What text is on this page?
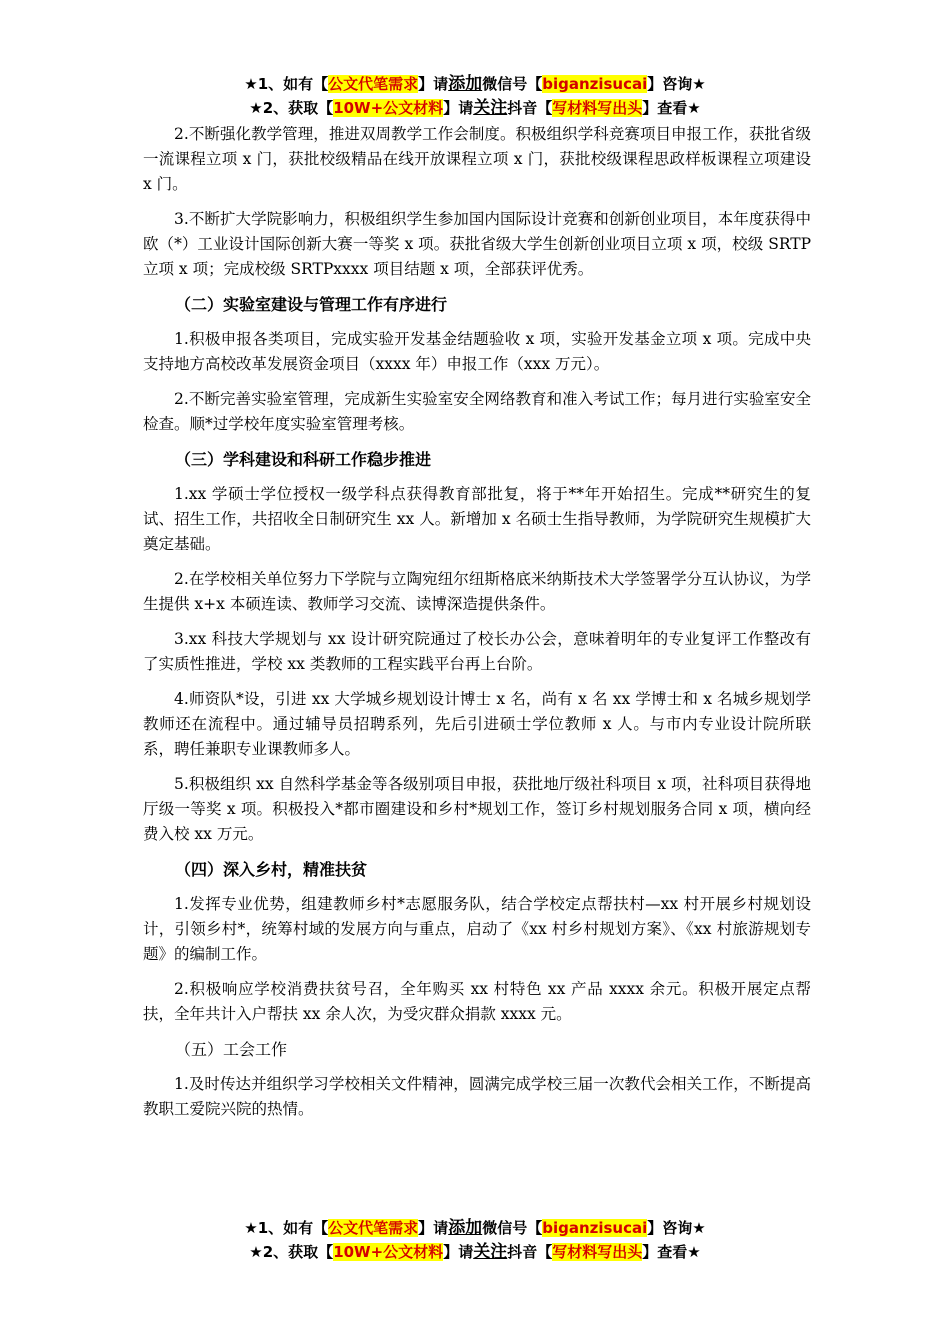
★1、如有【公文代笔需求】请添加微信号【biganzisucai】咨询★
★2、获取【10W+公文材料】请关注抖音【写材料写出头】查看★

2.不断强化教学管理，推进双周教学工作会制度。积极组织学科竞赛项目申报工作，获批省级一流课程立项 x 门，获批校级精品在线开放课程立项 x 门，获批校级课程思政样板课程立项建设 x 门。

3.不断扩大学院影响力，积极组织学生参加国内国际设计竞赛和创新创业项目，本年度获得中欧（*）工业设计国际创新大赛一等奖 x 项。获批省级大学生创新创业项目立项 x 项，校级 SRTP 立项 x 项；完成校级 SRTPxxxx 项目结题 x 项，全部获评优秀。

（二）实验室建设与管理工作有序进行

1.积极申报各类项目，完成实验开发基金结题验收 x 项，实验开发基金立项 x 项。完成中央支持地方高校改革发展资金项目（xxxx 年）申报工作（xxx 万元）。

2.不断完善实验室管理，完成新生实验室安全网络教育和准入考试工作；每月进行实验室安全检查。顺*过学校年度实验室管理考核。

（三）学科建设和科研工作稳步推进

1.xx 学硕士学位授权一级学科点获得教育部批复，将于**年开始招生。完成**研究生的复试、招生工作，共招收全日制研究生 xx 人。新增加 x 名硕士生指导教师，为学院研究生规模扩大奠定基础。

2.在学校相关单位努力下学院与立陶宛纽尔纽斯格底米纳斯技术大学签署学分互认协议，为学生提供 x+x 本硕连读、教师学习交流、读博深造提供条件。

3.xx 科技大学规划与 xx 设计研究院通过了校长办公会，意味着明年的专业复评工作整改有了实质性推进，学校 xx 类教师的工程实践平台再上台阶。

4.师资队*设，引进 xx 大学城乡规划设计博士 x 名，尚有 x 名 xx 学博士和 x 名城乡规划学教师还在流程中。通过辅导员招聘系列，先后引进硕士学位教师 x 人。与市内专业设计院所联系，聘任兼职专业课教师多人。

5.积极组织 xx 自然科学基金等各级别项目申报，获批地厅级社科项目 x 项，社科项目获得地厅级一等奖 x 项。积极投入*都市圈建设和乡村*规划工作，签订乡村规划服务合同 x 项，横向经费入校 xx 万元。

（四）深入乡村，精准扶贫

1.发挥专业优势，组建教师乡村*志愿服务队，结合学校定点帮扶村—xx 村开展乡村规划设计，引领乡村*，统筹村域的发展方向与重点，启动了《xx 村乡村规划方案》、《xx 村旅游规划专题》的编制工作。

2.积极响应学校消费扶贫号召，全年购买 xx 村特色 xx 产品 xxxx 余元。积极开展定点帮扶，全年共计入户帮扶 xx 余人次，为受灾群众捐款 xxxx 元。

（五）工会工作

1.及时传达并组织学习学校相关文件精神，圆满完成学校三届一次教代会相关工作，不断提高教职工爱院兴院的热情。

★1、如有【公文代笔需求】请添加微信号【biganzisucai】咨询★
★2、获取【10W+公文材料】请关注抖音【写材料写出头】查看★
